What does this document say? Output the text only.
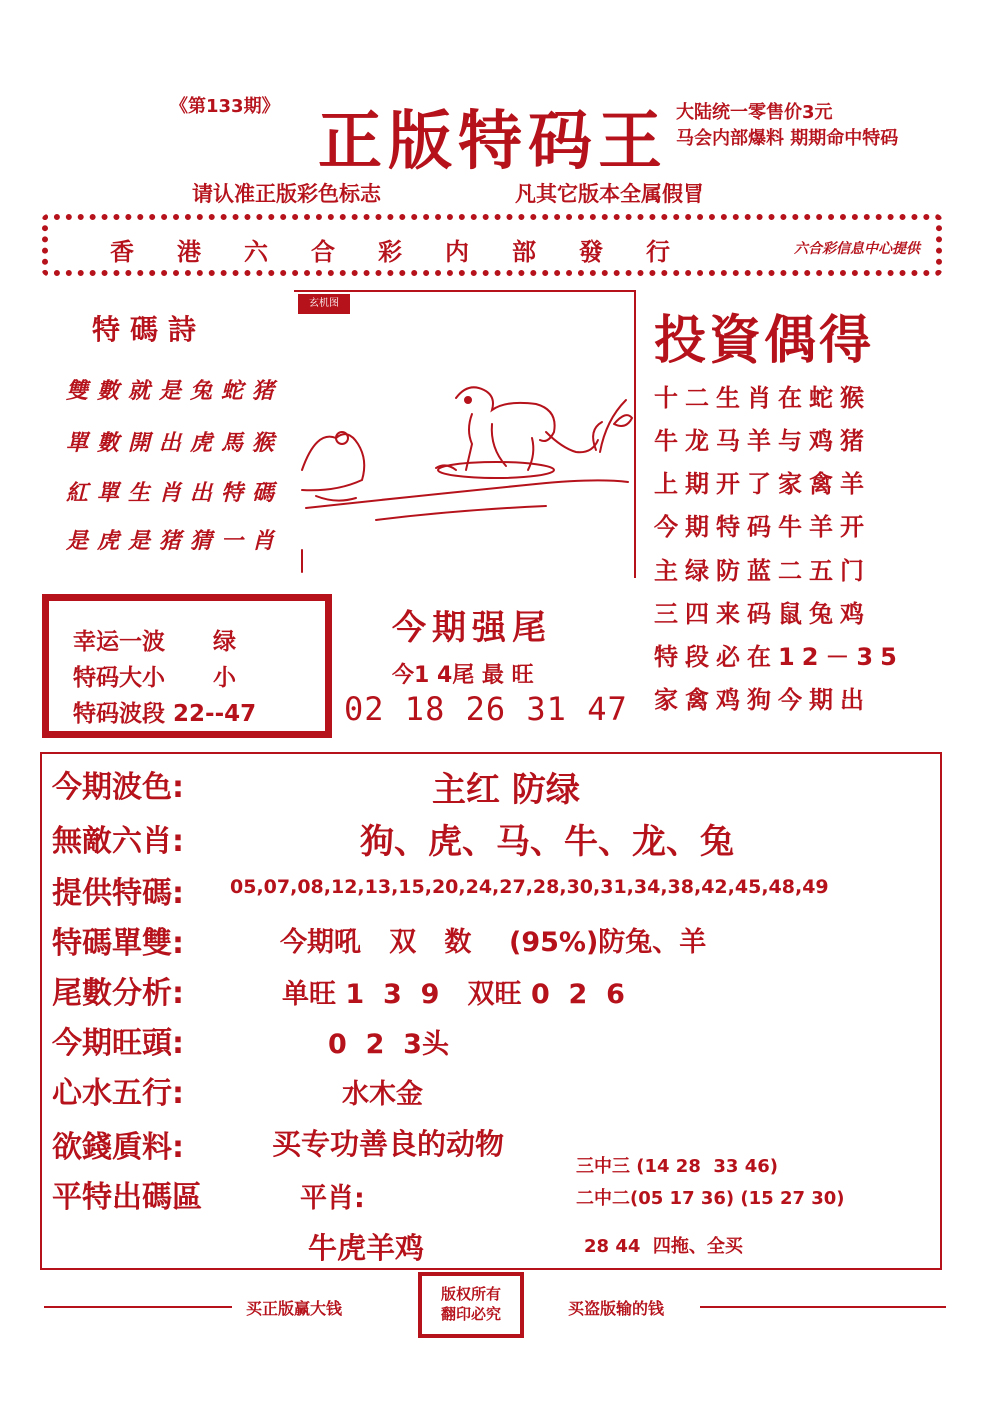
《第133期》 正版特码王 大陆统一零售价3元
马会内部爆料 期期命中特码
请认准正版彩色标志	凡其它版本全属假冒
香 港 六 合 彩 内 部 發 行	六合彩信息中心提供
特碼詩
雙數就是兔蛇猪
單數開出虎馬猴
紅單生肖出特碼
是虎是猪猜一肖
玄机图
投資偶得
十二生肖在蛇猴
牛龙马羊与鸡猪
上期开了家禽羊
今期特码牛羊开
主绿防蓝二五门
三四来码鼠兔鸡
特段必在12－35
家禽鸡狗今期出
幸运一波 绿
特码大小 小
特码波段 22--47
今期强尾
今1 4尾 最 旺
02 18 26 31 47
今期波色:	主红 防绿
無敵六肖:	狗、虎、马、牛、龙、兔
提供特碼: 05,07,08,12,13,15,20,24,27,28,30,31,34,38,42,45,48,49
特碼單雙:	今期吼   双   数    (95%)防兔、羊
尾數分析:	单旺 1  3  9   双旺 0  2  6
今期旺頭:	0  2  3头
心水五行:	水木金
欲錢貭料:	买专功善良的动物
平特出碼區	平肖:
牛虎羊鸡
三中三 (14 28  33 46)
二中二(05 17 36) (15 27 30)
28 44  四拖、全买
买正版赢大钱
版权所有
翻印必究	买盗版输的钱
